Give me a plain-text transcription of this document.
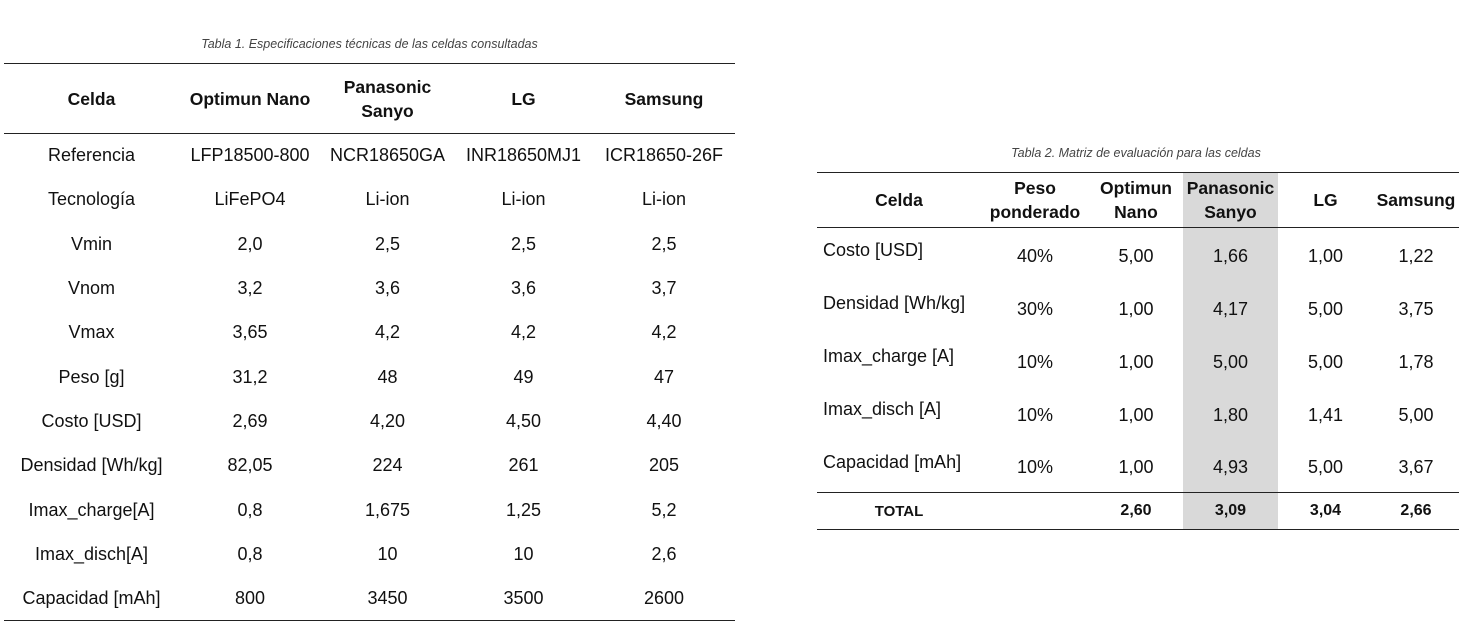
Tabla 1. Especificaciones técnicas de las celdas consultadas
Celda	Optimun Nano	Panasonic Sanyo	LG	Samsung
Referencia	LFP18500-800	NCR18650GA	INR18650MJ1	ICR18650-26F
Tecnología	LiFePO4	Li-ion	Li-ion	Li-ion
Vmin	2,0	2,5	2,5	2,5
Vnom	3,2	3,6	3,6	3,7
Vmax	3,65	4,2	4,2	4,2
Peso [g]	31,2	48	49	47
Costo [USD]	2,69	4,20	4,50	4,40
Densidad [Wh/kg]	82,05	224	261	205
Imax_charge[A]	0,8	1,675	1,25	5,2
Imax_disch[A]	0,8	10	10	2,6
Capacidad [mAh]	800	3450	3500	2600
Tabla 2. Matriz de evaluación para las celdas
Celda	Peso ponderado	Optimun Nano	Panasonic Sanyo	LG	Samsung
Costo [USD]	40%	5,00	1,66	1,00	1,22
Densidad [Wh/kg]	30%	1,00	4,17	5,00	3,75
Imax_charge [A]	10%	1,00	5,00	5,00	1,78
Imax_disch [A]	10%	1,00	1,80	1,41	5,00
Capacidad [mAh]	10%	1,00	4,93	5,00	3,67
TOTAL		2,60	3,09	3,04	2,66
